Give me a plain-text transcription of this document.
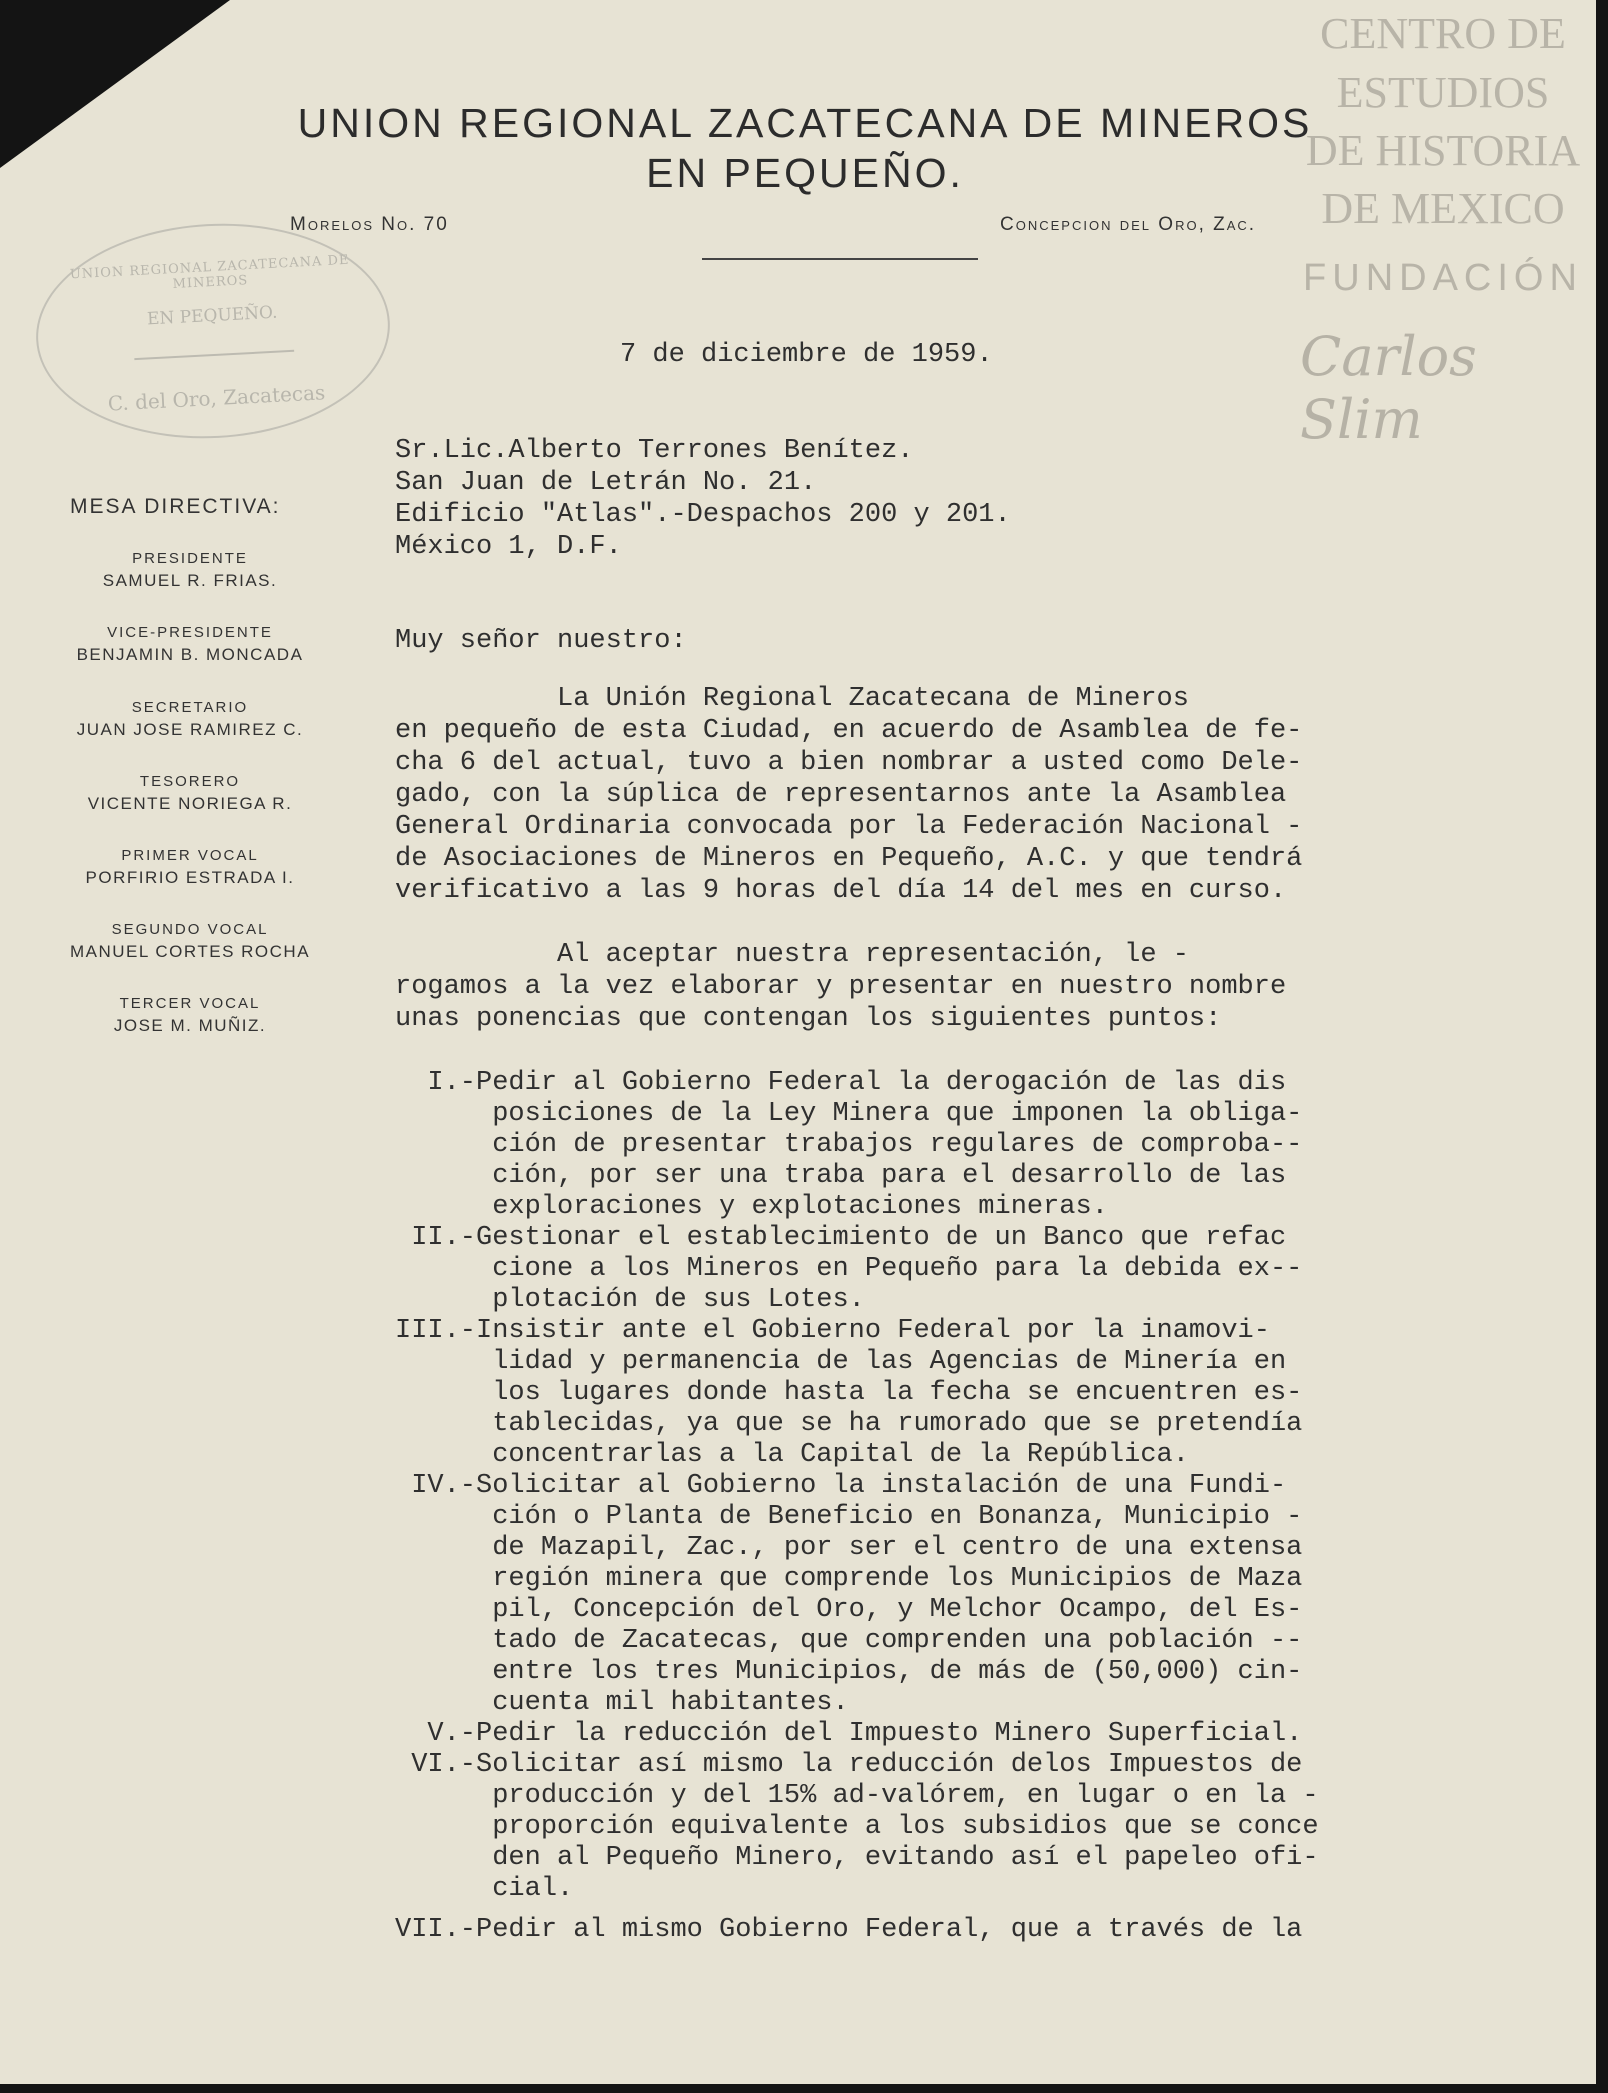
CENTRO DE
ESTUDIOS
DE HISTORIA
DE MEXICO
FUNDACIÓN
Carlos Slim
UNION REGIONAL ZACATECANA DE MINEROS
EN PEQUEÑO.
Morelos No. 70	Concepcion del Oro, Zac.
UNION REGIONAL ZACATECANA DE MINEROS
EN PEQUEÑO.
C. del Oro, Zacatecas
MESA DIRECTIVA:
PRESIDENTE
SAMUEL R. FRIAS.
VICE-PRESIDENTE
BENJAMIN B. MONCADA
SECRETARIO
JUAN JOSE RAMIREZ C.
TESORERO
VICENTE NORIEGA R.
PRIMER VOCAL
PORFIRIO ESTRADA I.
SEGUNDO VOCAL
MANUEL CORTES ROCHA
TERCER VOCAL
JOSE M. MUÑIZ.
7 de diciembre de 1959.
Sr.Lic.Alberto Terrones Benítez.
San Juan de Letrán No. 21.
Edificio "Atlas".-Despachos 200 y 201.
México 1, D.F.
Muy señor nuestro:
La Unión Regional Zacatecana de Mineros
en pequeño de esta Ciudad, en acuerdo de Asamblea de fe-
cha 6 del actual, tuvo a bien nombrar a usted como Dele-
gado, con la súplica de representarnos ante la Asamblea
General Ordinaria convocada por la Federación Nacional -
de Asociaciones de Mineros en Pequeño, A.C. y que tendrá
verificativo a las 9 horas del día 14 del mes en curso.
Al aceptar nuestra representación, le -
rogamos a la vez elaborar y presentar en nuestro nombre
unas ponencias que contengan los siguientes puntos:
I.-Pedir al Gobierno Federal la derogación de las dis
posiciones de la Ley Minera que imponen la obliga-
ción de presentar trabajos regulares de comproba--
ción, por ser una traba para el desarrollo de las
exploraciones y explotaciones mineras.
II.-Gestionar el establecimiento de un Banco que refac
cione a los Mineros en Pequeño para la debida ex--
plotación de sus Lotes.
III.-Insistir ante el Gobierno Federal por la inamovi-
lidad y permanencia de las Agencias de Minería en
los lugares donde hasta la fecha se encuentren es-
tablecidas, ya que se ha rumorado que se pretendía
concentrarlas a la Capital de la República.
IV.-Solicitar al Gobierno la instalación de una Fundi-
ción o Planta de Beneficio en Bonanza, Municipio -
de Mazapil, Zac., por ser el centro de una extensa
región minera que comprende los Municipios de Maza
pil, Concepción del Oro, y Melchor Ocampo, del Es-
tado de Zacatecas, que comprenden una población --
entre los tres Municipios, de más de (50,000) cin-
cuenta mil habitantes.
V.-Pedir la reducción del Impuesto Minero Superficial.
VI.-Solicitar así mismo la reducción delos Impuestos de
producción y del 15% ad-valórem, en lugar o en la -
proporción equivalente a los subsidios que se conce
den al Pequeño Minero, evitando así el papeleo ofi-
cial.
VII.-Pedir al mismo Gobierno Federal, que a través de la
